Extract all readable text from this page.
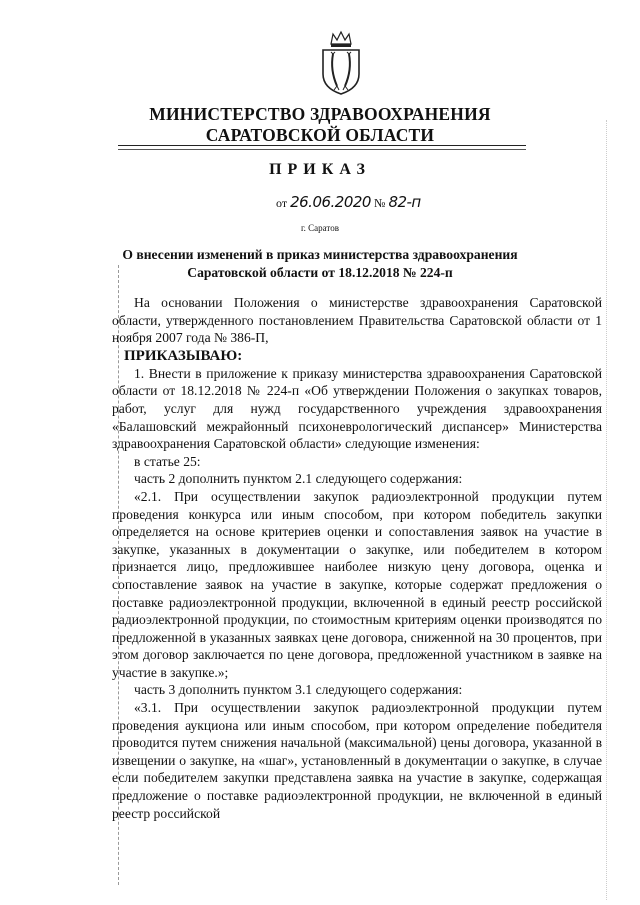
МИНИСТЕРСТВО ЗДРАВООХРАНЕНИЯ
САРАТОВСКОЙ ОБЛАСТИ
ПРИКАЗ
от 26.06.2020 № 82-п
г. Саратов
О внесении изменений в приказ министерства здравоохранения
Саратовской области от 18.12.2018 № 224-п

На основании Положения о министерстве здравоохранения Саратовской области, утвержденного постановлением Правительства Саратовской области от 1 ноября 2007 года № 386-П,

ПРИКАЗЫВАЮ:

1. Внести в приложение к приказу министерства здравоохранения Саратовской области от 18.12.2018 № 224-п «Об утверждении Положения о закупках товаров, работ, услуг для нужд государственного учреждения здравоохранения «Балашовский межрайонный психоневрологический диспансер» Министерства здравоохранения Саратовской области» следующие изменения:

в статье 25:

часть 2 дополнить пунктом 2.1 следующего содержания:

«2.1. При осуществлении закупок радиоэлектронной продукции путем проведения конкурса или иным способом, при котором победитель закупки определяется на основе критериев оценки и сопоставления заявок на участие в закупке, указанных в документации о закупке, или победителем в котором признается лицо, предложившее наиболее низкую цену договора, оценка и сопоставление заявок на участие в закупке, которые содержат предложения о поставке радиоэлектронной продукции, включенной в единый реестр российской радиоэлектронной продукции, по стоимостным критериям оценки производятся по предложенной в указанных заявках цене договора, сниженной на 30 процентов, при этом договор заключается по цене договора, предложенной участником в заявке на участие в закупке.»;

часть 3 дополнить пунктом 3.1 следующего содержания:

«3.1. При осуществлении закупок радиоэлектронной продукции путем проведения аукциона или иным способом, при котором определение победителя проводится путем снижения начальной (максимальной) цены договора, указанной в извещении о закупке, на «шаг», установленный в документации о закупке, в случае если победителем закупки представлена заявка на участие в закупке, содержащая предложение о поставке радиоэлектронной продукции, не включенной в единый реестр российской
